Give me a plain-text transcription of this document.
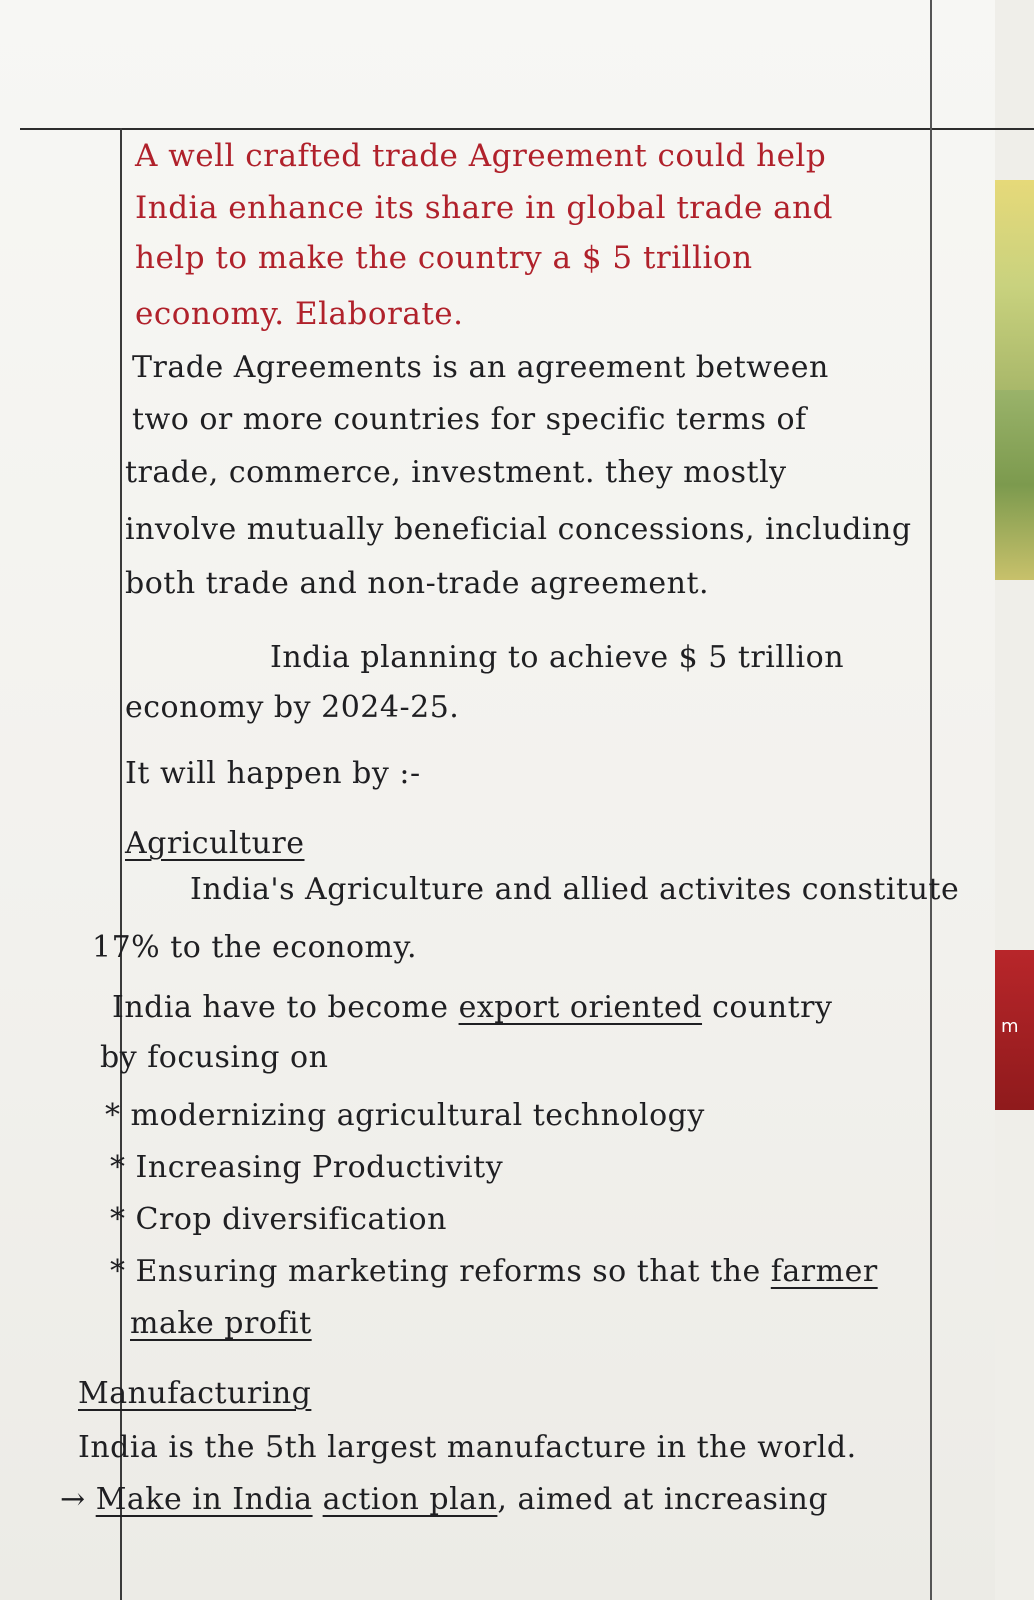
m
A well crafted trade Agreement could help
India enhance its share in global trade and
help to make the country a $ 5 trillion
economy. Elaborate.
Trade Agreements is an agreement between
two or more countries for specific terms of
trade, commerce, investment. they mostly
involve mutually beneficial concessions, including
both trade and non-trade agreement.
India planning to achieve $ 5 trillion
economy by 2024-25.
It will happen by :-
Agriculture
India's Agriculture and allied activites constitute
17% to the economy.
India have to become export oriented country
by focusing on
* modernizing agricultural technology
* Increasing Productivity
* Crop diversification
* Ensuring marketing reforms so that the farmer
make profit
Manufacturing
India is the 5th largest manufacture in the world.
→ Make in India action plan, aimed at increasing
